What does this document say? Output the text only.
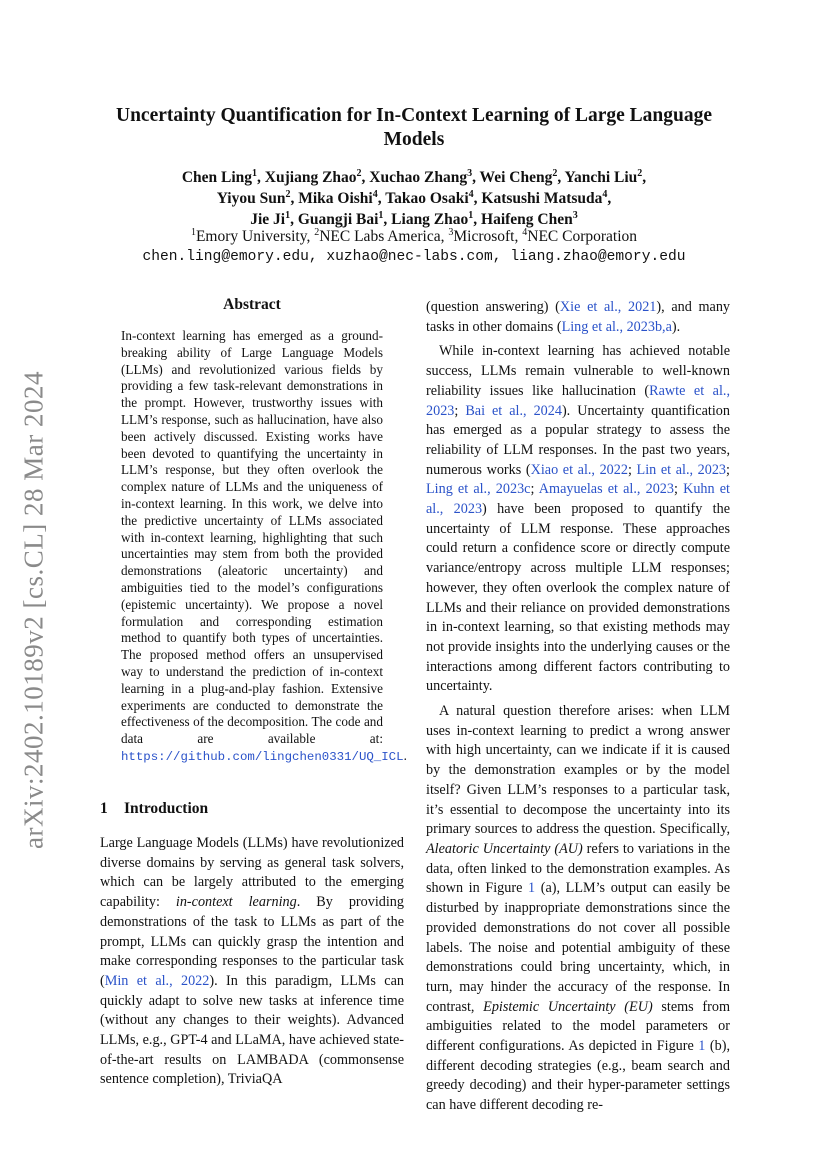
arXiv:2402.10189v2 [cs.CL] 28 Mar 2024
Uncertainty Quantification for In-Context Learning of Large Language Models
Chen Ling$^1$, Xujiang Zhao$^2$, Xuchao Zhang$^3$, Wei Cheng$^2$, Yanchi Liu$^2$,
Yiyou Sun$^2$, Mika Oishi$^4$, Takao Osaki$^4$, Katsushi Matsuda$^4$,
Jie Ji$^1$, Guangji Bai$^1$, Liang Zhao$^1$, Haifeng Chen$^3$
$^1$Emory University, $^2$NEC Labs America, $^3$Microsoft, $^4$NEC Corporation
chen.ling@emory.edu, xuzhao@nec-labs.com, liang.zhao@emory.edu
Abstract
In-context learning has emerged as a ground-breaking ability of Large Language Models (LLMs) and revolutionized various fields by providing a few task-relevant demonstrations in the prompt. However, trustworthy issues with LLM’s response, such as hallucination, have also been actively discussed. Existing works have been devoted to quantifying the uncertainty in LLM’s response, but they often overlook the complex nature of LLMs and the uniqueness of in-context learning. In this work, we delve into the predictive uncertainty of LLMs associated with in-context learning, highlighting that such uncertainties may stem from both the provided demonstrations (aleatoric uncertainty) and ambiguities tied to the model’s configurations (epistemic uncertainty). We propose a novel formulation and corresponding estimation method to quantify both types of uncertainties. The proposed method offers an unsupervised way to understand the prediction of in-context learning in a plug-and-play fashion. Extensive experiments are conducted to demonstrate the effectiveness of the decomposition. The code and data are available at: https://github.com/lingchen0331/UQ_ICL.
1 Introduction

Large Language Models (LLMs) have revolutionized diverse domains by serving as general task solvers, which can be largely attributed to the emerging capability: in-context learning. By providing demonstrations of the task to LLMs as part of the prompt, LLMs can quickly grasp the intention and make corresponding responses to the particular task (Min et al., 2022). In this paradigm, LLMs can quickly adapt to solve new tasks at inference time (without any changes to their weights). Advanced LLMs, e.g., GPT-4 and LLaMA, have achieved state-of-the-art results on LAMBADA (commonsense sentence completion), TriviaQA

(question answering) (Xie et al., 2021), and many tasks in other domains (Ling et al., 2023b,a).

While in-context learning has achieved notable success, LLMs remain vulnerable to well-known reliability issues like hallucination (Rawte et al., 2023; Bai et al., 2024). Uncertainty quantification has emerged as a popular strategy to assess the reliability of LLM responses. In the past two years, numerous works (Xiao et al., 2022; Lin et al., 2023; Ling et al., 2023c; Amayuelas et al., 2023; Kuhn et al., 2023) have been proposed to quantify the uncertainty of LLM response. These approaches could return a confidence score or directly compute variance/entropy across multiple LLM responses; however, they often overlook the complex nature of LLMs and their reliance on provided demonstrations in in-context learning, so that existing methods may not provide insights into the underlying causes or the interactions among different factors contributing to uncertainty.

A natural question therefore arises: when LLM uses in-context learning to predict a wrong answer with high uncertainty, can we indicate if it is caused by the demonstration examples or by the model itself? Given LLM’s responses to a particular task, it’s essential to decompose the uncertainty into its primary sources to address the question. Specifically, Aleatoric Uncertainty (AU) refers to variations in the data, often linked to the demonstration examples. As shown in Figure 1 (a), LLM’s output can easily be disturbed by inappropriate demonstrations since the provided demonstrations do not cover all possible labels. The noise and potential ambiguity of these demonstrations could bring uncertainty, which, in turn, may hinder the accuracy of the response. In contrast, Epistemic Uncertainty (EU) stems from ambiguities related to the model parameters or different configurations. As depicted in Figure 1 (b), different decoding strategies (e.g., beam search and greedy decoding) and their hyper-parameter settings can have different decoding re-
